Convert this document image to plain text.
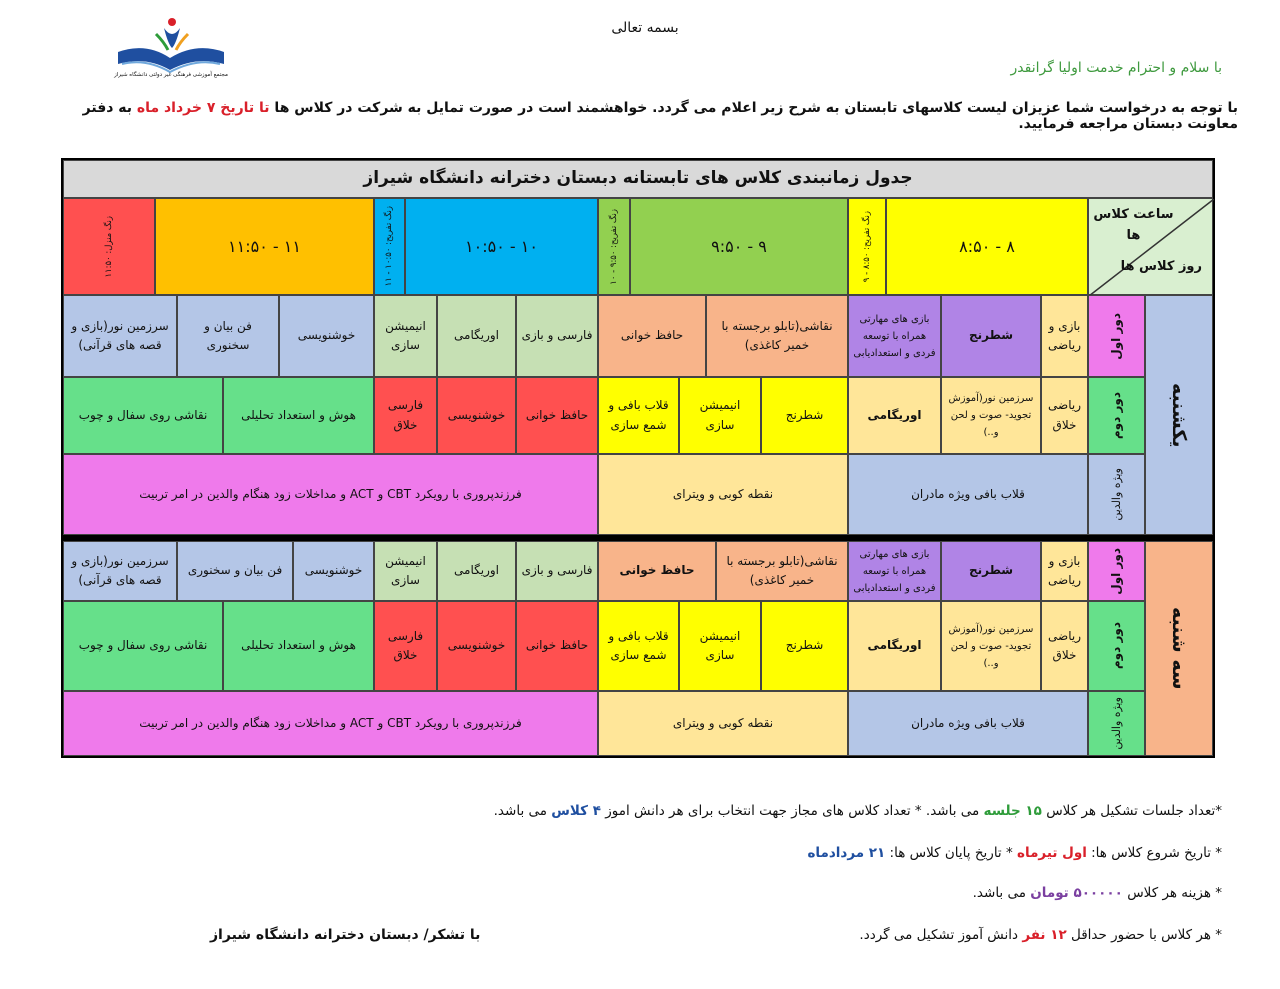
بسمه تعالی
مجتمع آموزشی فرهنگی غیر دولتی دانشگاه شیراز	با سلام و احترام خدمت اولیا گرانقدر
با توجه به درخواست شما عزیزان لیست کلاسهای تابستان به شرح زیر اعلام می گردد. خواهشمند است در صورت تمایل به شرکت در کلاس ها تا تاریخ ۷ خرداد ماه به دفتر معاونت دبستان مراجعه فرمایید.
جدول زمانبندی کلاس های تابستانه دبستان دخترانه دانشگاه شیراز
ساعت کلاس ها
روز کلاس ها
۸ - ۸:۵۰
زنگ تفریح: ۸:۵۰ - ۹
۹ - ۹:۵۰
زنگ تفریح: ۹:۵۰ - ۱۰
۱۰ - ۱۰:۵۰
زنگ تفریح: ۱۰:۵۰ - ۱۱
۱۱ - ۱۱:۵۰
زنگ منزل: ۱۱:۵۰
یکشنبه
دور اول
دور دوم
ویژه والدین
بازی و ریاضی
شطرنج
بازی های مهارتی همراه با توسعه فردی و استعدادیابی
نقاشی(تابلو برجسته با خمیر کاغذی)
حافظ خوانی
فارسی و بازی
اوریگامی
انیمیشن سازی
خوشنویسی
فن بیان و سخنوری
سرزمین نور(بازی و قصه های قرآنی)
ریاضی خلاق
سرزمین نور(آموزش تجوید- صوت و لحن و..)
اوریگامی
شطرنج
انیمیشن سازی
قلاب بافی و شمع سازی
حافظ خوانی
خوشنویسی
فارسی خلاق
هوش و استعداد تحلیلی
نقاشی روی سفال و چوب
قلاب بافی ویژه مادران
نقطه کوبی و ویترای
فرزندپروری با رویکرد CBT و ACT و مداخلات زود هنگام والدین در امر تربیت
سه شنبه
دور اول
دور دوم
ویژه والدین
بازی و ریاضی
شطرنج
بازی های مهارتی همراه با توسعه فردی و استعدادیابی
نقاشی(تابلو برجسته با خمیر کاغذی)
حافظ خوانی
فارسی و بازی
اوریگامی
انیمیشن سازی
خوشنویسی
فن بیان و سخنوری
سرزمین نور(بازی و قصه های قرآنی)
ریاضی خلاق
سرزمین نور(آموزش تجوید- صوت و لحن و..)
اوریگامی
شطرنج
انیمیشن سازی
قلاب بافی و شمع سازی
حافظ خوانی
خوشنویسی
فارسی خلاق
هوش و استعداد تحلیلی
نقاشی روی سفال و چوب
قلاب بافی ویژه مادران
نقطه کوبی و ویترای
فرزندپروری با رویکرد CBT و ACT و مداخلات زود هنگام والدین در امر تربیت
*تعداد جلسات تشکیل هر کلاس ۱۵ جلسه می باشد. * تعداد کلاس های مجاز جهت انتخاب برای هر دانش اموز ۴ کلاس می باشد.
* تاریخ شروع کلاس ها: اول تیرماه * تاریخ پایان کلاس ها: ۲۱ مردادماه
* هزینه هر کلاس ۵۰۰۰۰۰ تومان می باشد.
* هر کلاس با حضور حداقل ۱۲ نفر دانش آموز تشکیل می گردد.
با تشکر/ دبستان دخترانه دانشگاه شیراز
